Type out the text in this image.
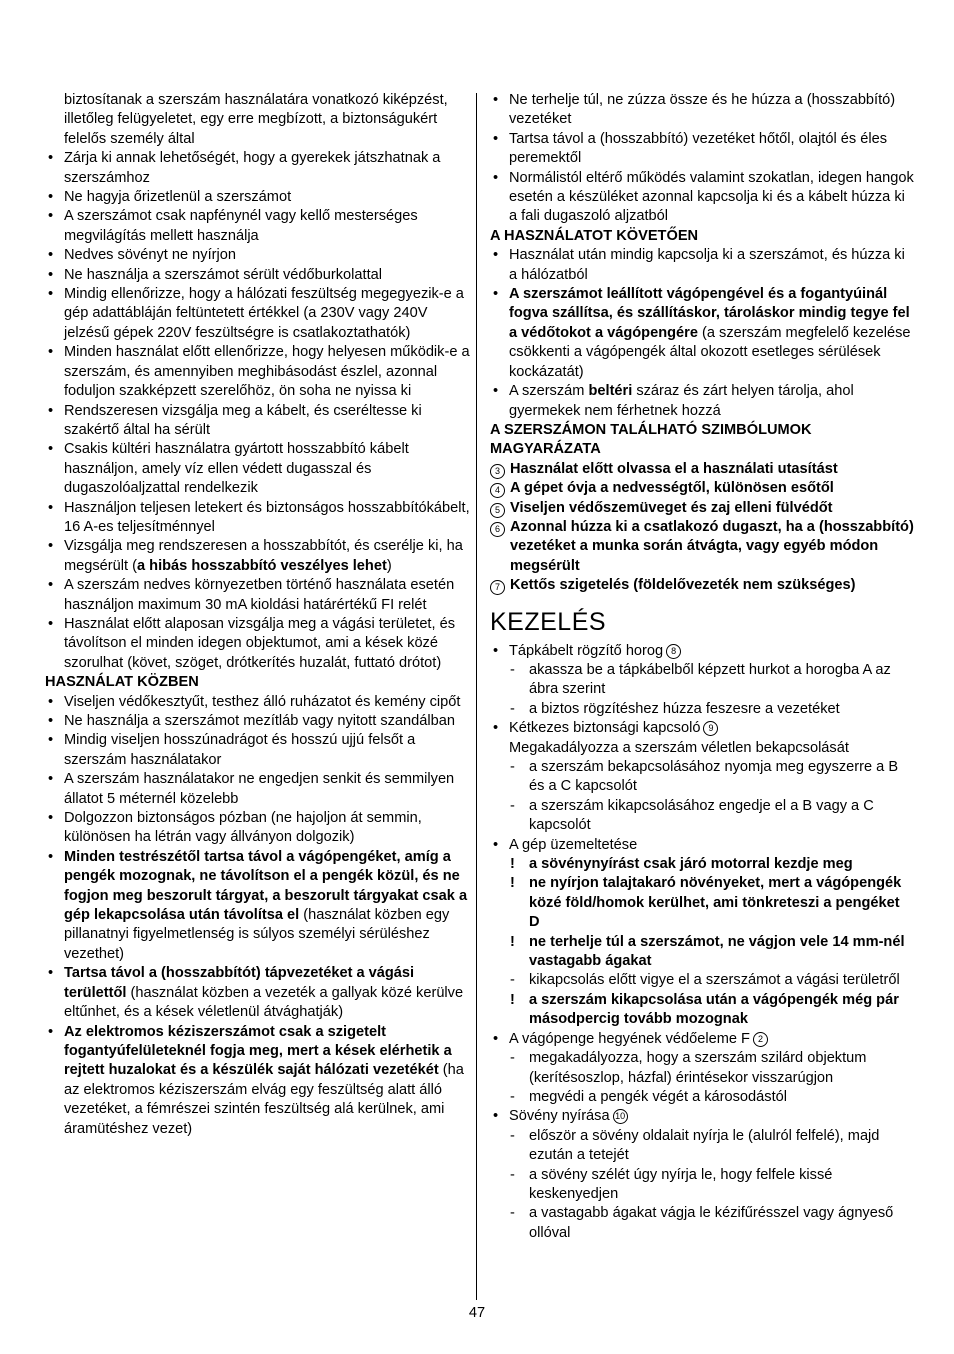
biztosítanak a szerszám használatára vonatkozó kiképzést, illetőleg felügyeletet, egy erre megbízott, a biztonságukért felelős személy által

• Zárja ki annak lehetőségét, hogy a gyerekek játszhatnak a szerszámhoz

• Ne hagyja őrizetlenül a szerszámot

• A szerszámot csak napfénynél vagy kellő mesterséges megvilágítás mellett használja

• Nedves sövényt ne nyírjon

• Ne használja a szerszámot sérült védőburkolattal

• Mindig ellenőrizze, hogy a hálózati feszültség megegyezik-e a gép adattábláján feltüntetett értékkel (a 230V vagy 240V jelzésű gépek 220V feszültségre is csatlakoztathatók)

• Minden használat előtt ellenőrizze, hogy helyesen működik-e a szerszám, és amennyiben meghibásodást észlel, azonnal foduljon szakképzett szerelőhöz, ön soha ne nyissa ki

• Rendszeresen vizsgálja meg a kábelt, és cseréltesse ki szakértő által ha sérült

• Csakis kültéri használatra gyártott hosszabbító kábelt használjon, amely víz ellen védett dugasszal és dugaszolóaljzattal rendelkezik

• Használjon teljesen letekert és biztonságos hosszabbítókábelt, 16 A-es teljesítménnyel

• Vizsgálja meg rendszeresen a hosszabbítót, és cserélje ki, ha megsérült (a hibás hosszabbító veszélyes lehet)

• A szerszám nedves környezetben történő használata esetén használjon maximum 30 mA kioldási határértékű FI relét

• Használat előtt alaposan vizsgálja meg a vágási területet, és távolítson el minden idegen objektumot, ami a kések közé szorulhat (követ, szöget, drótkerítés huzalát, futtató drótot)

HASZNÁLAT KÖZBEN

• Viseljen védőkesztyűt, testhez álló ruházatot és kemény cipőt

• Ne használja a szerszámot mezítláb vagy nyitott szandálban

• Mindig viseljen hosszúnadrágot és hosszú ujjú felsőt a szerszám használatakor

• A szerszám használatakor ne engedjen senkit és semmilyen állatot 5 méternél közelebb

• Dolgozzon biztonságos pózban (ne hajoljon át semmin, különösen ha létrán vagy állványon dolgozik)

• Minden testrészétől tartsa távol a vágópengéket, amíg a pengék mozognak, ne távolítson el a pengék közül, és ne fogjon meg beszorult tárgyat, a beszorult tárgyakat csak a gép lekapcsolása után távolítsa el (használat közben egy pillanatnyi figyelmetlenség is súlyos személyi sérüléshez vezethet)

• Tartsa távol a (hosszabbítót) tápvezetéket a vágási területtől (használat közben a vezeték a gallyak közé kerülve eltűnhet, és a kések véletlenül átvághatják)

• Az elektromos kéziszerszámot csak a szigetelt fogantyúfelületeknél fogja meg, mert a kések elérhetik a rejtett huzalokat és a készülék saját hálózati vezetékét (ha az elektromos kéziszerszám elvág egy feszültség alatt álló vezetéket, a fémrészei szintén feszültség alá kerülnek, ami áramütéshez vezet)

• Ne terhelje túl, ne zúzza össze és he húzza a (hosszabbító) vezetéket

• Tartsa távol a (hosszabbító) vezetéket hőtől, olajtól és éles peremektől

• Normálistól eltérő működés valamint szokatlan, idegen hangok esetén a készüléket azonnal kapcsolja ki és a kábelt húzza ki a fali dugaszoló aljzatból

A HASZNÁLATOT KÖVETŐEN

• Használat után mindig kapcsolja ki a szerszámot, és húzza ki a hálózatból

• A szerszámot leállított vágópengével és a fogantyúinál fogva szállítsa, és szállításkor, tároláskor mindig tegye fel a védőtokot a vágópengére (a szerszám megfelelő kezelése csökkenti a vágópengék által okozott esetleges sérülések kockázatát)

• A szerszám beltéri száraz és zárt helyen tárolja, ahol gyermekek nem férhetnek hozzá

A SZERSZÁMON TALÁLHATÓ SZIMBÓLUMOK MAGYARÁZATA

3 Használat előtt olvassa el a használati utasítást

4 A gépet óvja a nedvességtől, különösen esőtől

5 Viseljen védőszemüveget és zaj elleni fülvédőt

6 Azonnal húzza ki a csatlakozó dugaszt, ha a (hosszabbító) vezetéket a munka során átvágta, vagy egyéb módon megsérült

7 Kettős szigetelés (földelővezeték nem szükséges)

KEZELÉS

• Tápkábelt rögzítő horog 8

- akassza be a tápkábelből képzett hurkot a horogba A az ábra szerint

- a biztos rögzítéshez húzza feszesre a vezetéket

• Kétkezes biztonsági kapcsoló 9

Megakadályozza a szerszám véletlen bekapcsolását

- a szerszám bekapcsolásához nyomja meg egyszerre a B és a C kapcsolót

- a szerszám kikapcsolásához engedje el a B vagy a C kapcsolót

• A gép üzemeltetése

! a sövénynyírást csak járó motorral kezdje meg

! ne nyírjon talajtakaró növényeket, mert a vágópengék közé föld/homok kerülhet, ami tönkreteszi a pengéket D

! ne terhelje túl a szerszámot, ne vágjon vele 14 mm-nél vastagabb ágakat

- kikapcsolás előtt vigye el a szerszámot a vágási területről

! a szerszám kikapcsolása után a vágópengék még pár másodpercig tovább mozognak

• A vágópenge hegyének védőeleme F 2

- megakadályozza, hogy a szerszám szilárd objektum (kerítésoszlop, házfal) érintésekor visszarúgjon

- megvédi a pengék végét a károsodástól

• Sövény nyírása 10

- először a sövény oldalait nyírja le (alulról felfelé), majd ezután a tetejét

- a sövény szélét úgy nyírja le, hogy felfele kissé keskenyedjen

- a vastagabb ágakat vágja le kézifűrésszel vagy ágnyeső ollóval

47
